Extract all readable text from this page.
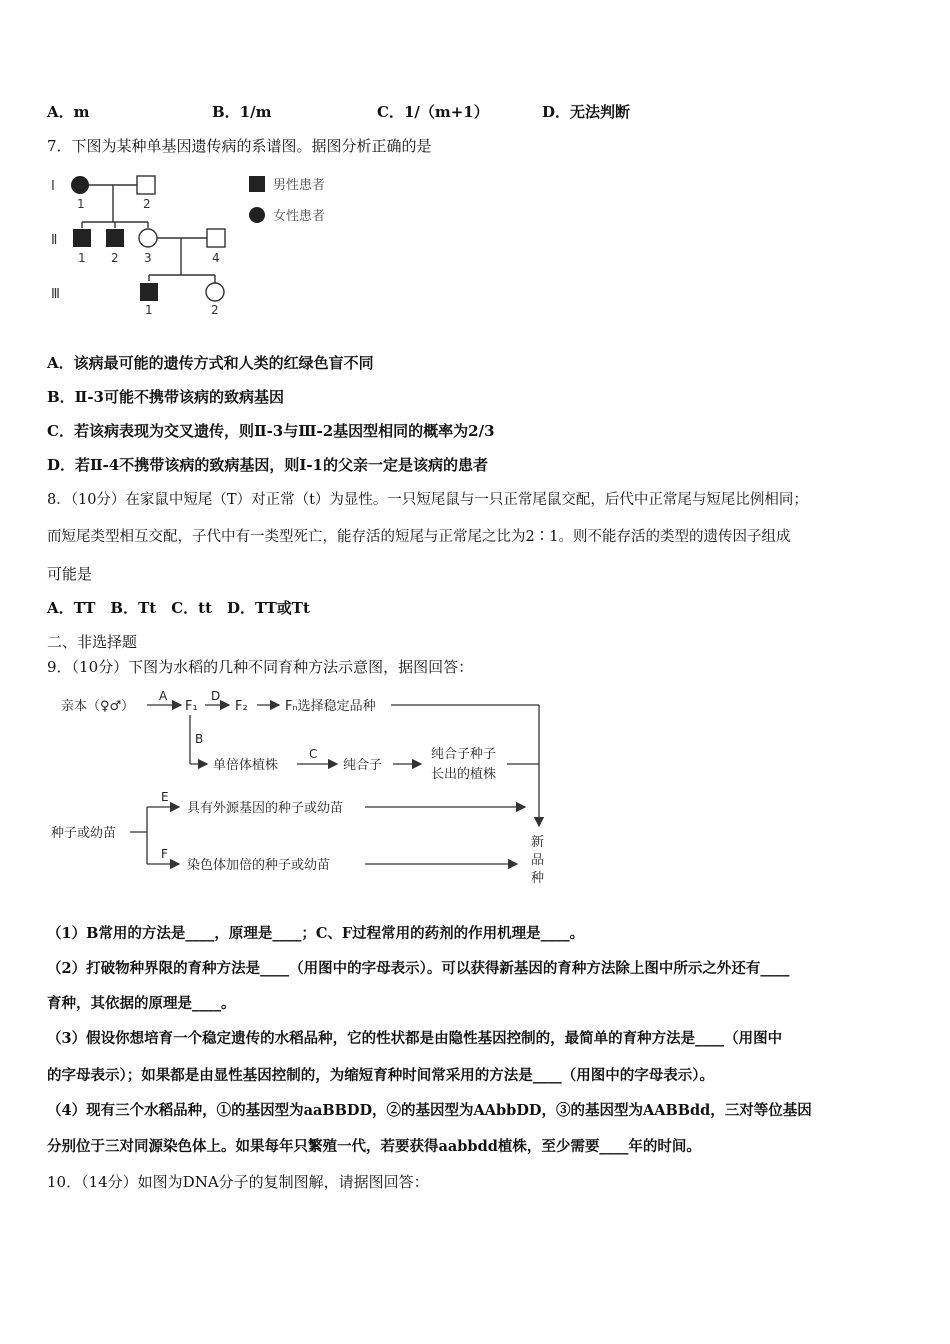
A．m	B．1/m	C．1/（m+1）	D．无法判断
7．下图为某种单基因遗传病的系谱图。据图分析正确的是
Ⅰ
Ⅱ
Ⅲ
1	2
1 2 3	4
1	2
男性患者
女性患者
A．该病最可能的遗传方式和人类的红绿色盲不同
B．Ⅱ-3可能不携带该病的致病基因
C．若该病表现为交叉遗传，则Ⅱ-3与Ⅲ-2基因型相同的概率为2/3
D．若Ⅱ-4不携带该病的致病基因，则Ⅰ-1的父亲一定是该病的患者
8．（10分）在家鼠中短尾（T）对正常（t）为显性。一只短尾鼠与一只正常尾鼠交配，后代中正常尾与短尾比例相同；
而短尾类型相互交配，子代中有一类型死亡，能存活的短尾与正常尾之比为2∶1。则不能存活的类型的遗传因子组成
可能是
A．TT　B．Tt　C．tt　D．TT或Tt
二、非选择题
9．（10分）下图为水稻的几种不同育种方法示意图，据图回答：
亲本（♀♂）
A
F₁
D
F₂	Fₙ选择稳定品种
B
单倍体植株
C
纯合子
纯合子种子
长出的植株
种子或幼苗
E
具有外源基因的种子或幼苗
F
染色体加倍的种子或幼苗
新
品
种
（1）B常用的方法是____，原理是____；C、F过程常用的药剂的作用机理是____。
（2）打破物种界限的育种方法是____（用图中的字母表示）。可以获得新基因的育种方法除上图中所示之外还有____
育种，其依据的原理是____。
（3）假设你想培育一个稳定遗传的水稻品种，它的性状都是由隐性基因控制的，最简单的育种方法是____（用图中
的字母表示）；如果都是由显性基因控制的，为缩短育种时间常采用的方法是____（用图中的字母表示）。
（4）现有三个水稻品种，①的基因型为aaBBDD，②的基因型为AAbbDD，③的基因型为AABBdd，三对等位基因
分别位于三对同源染色体上。如果每年只繁殖一代，若要获得aabbdd植株，至少需要____年的时间。
10．（14分）如图为DNA分子的复制图解，请据图回答：
